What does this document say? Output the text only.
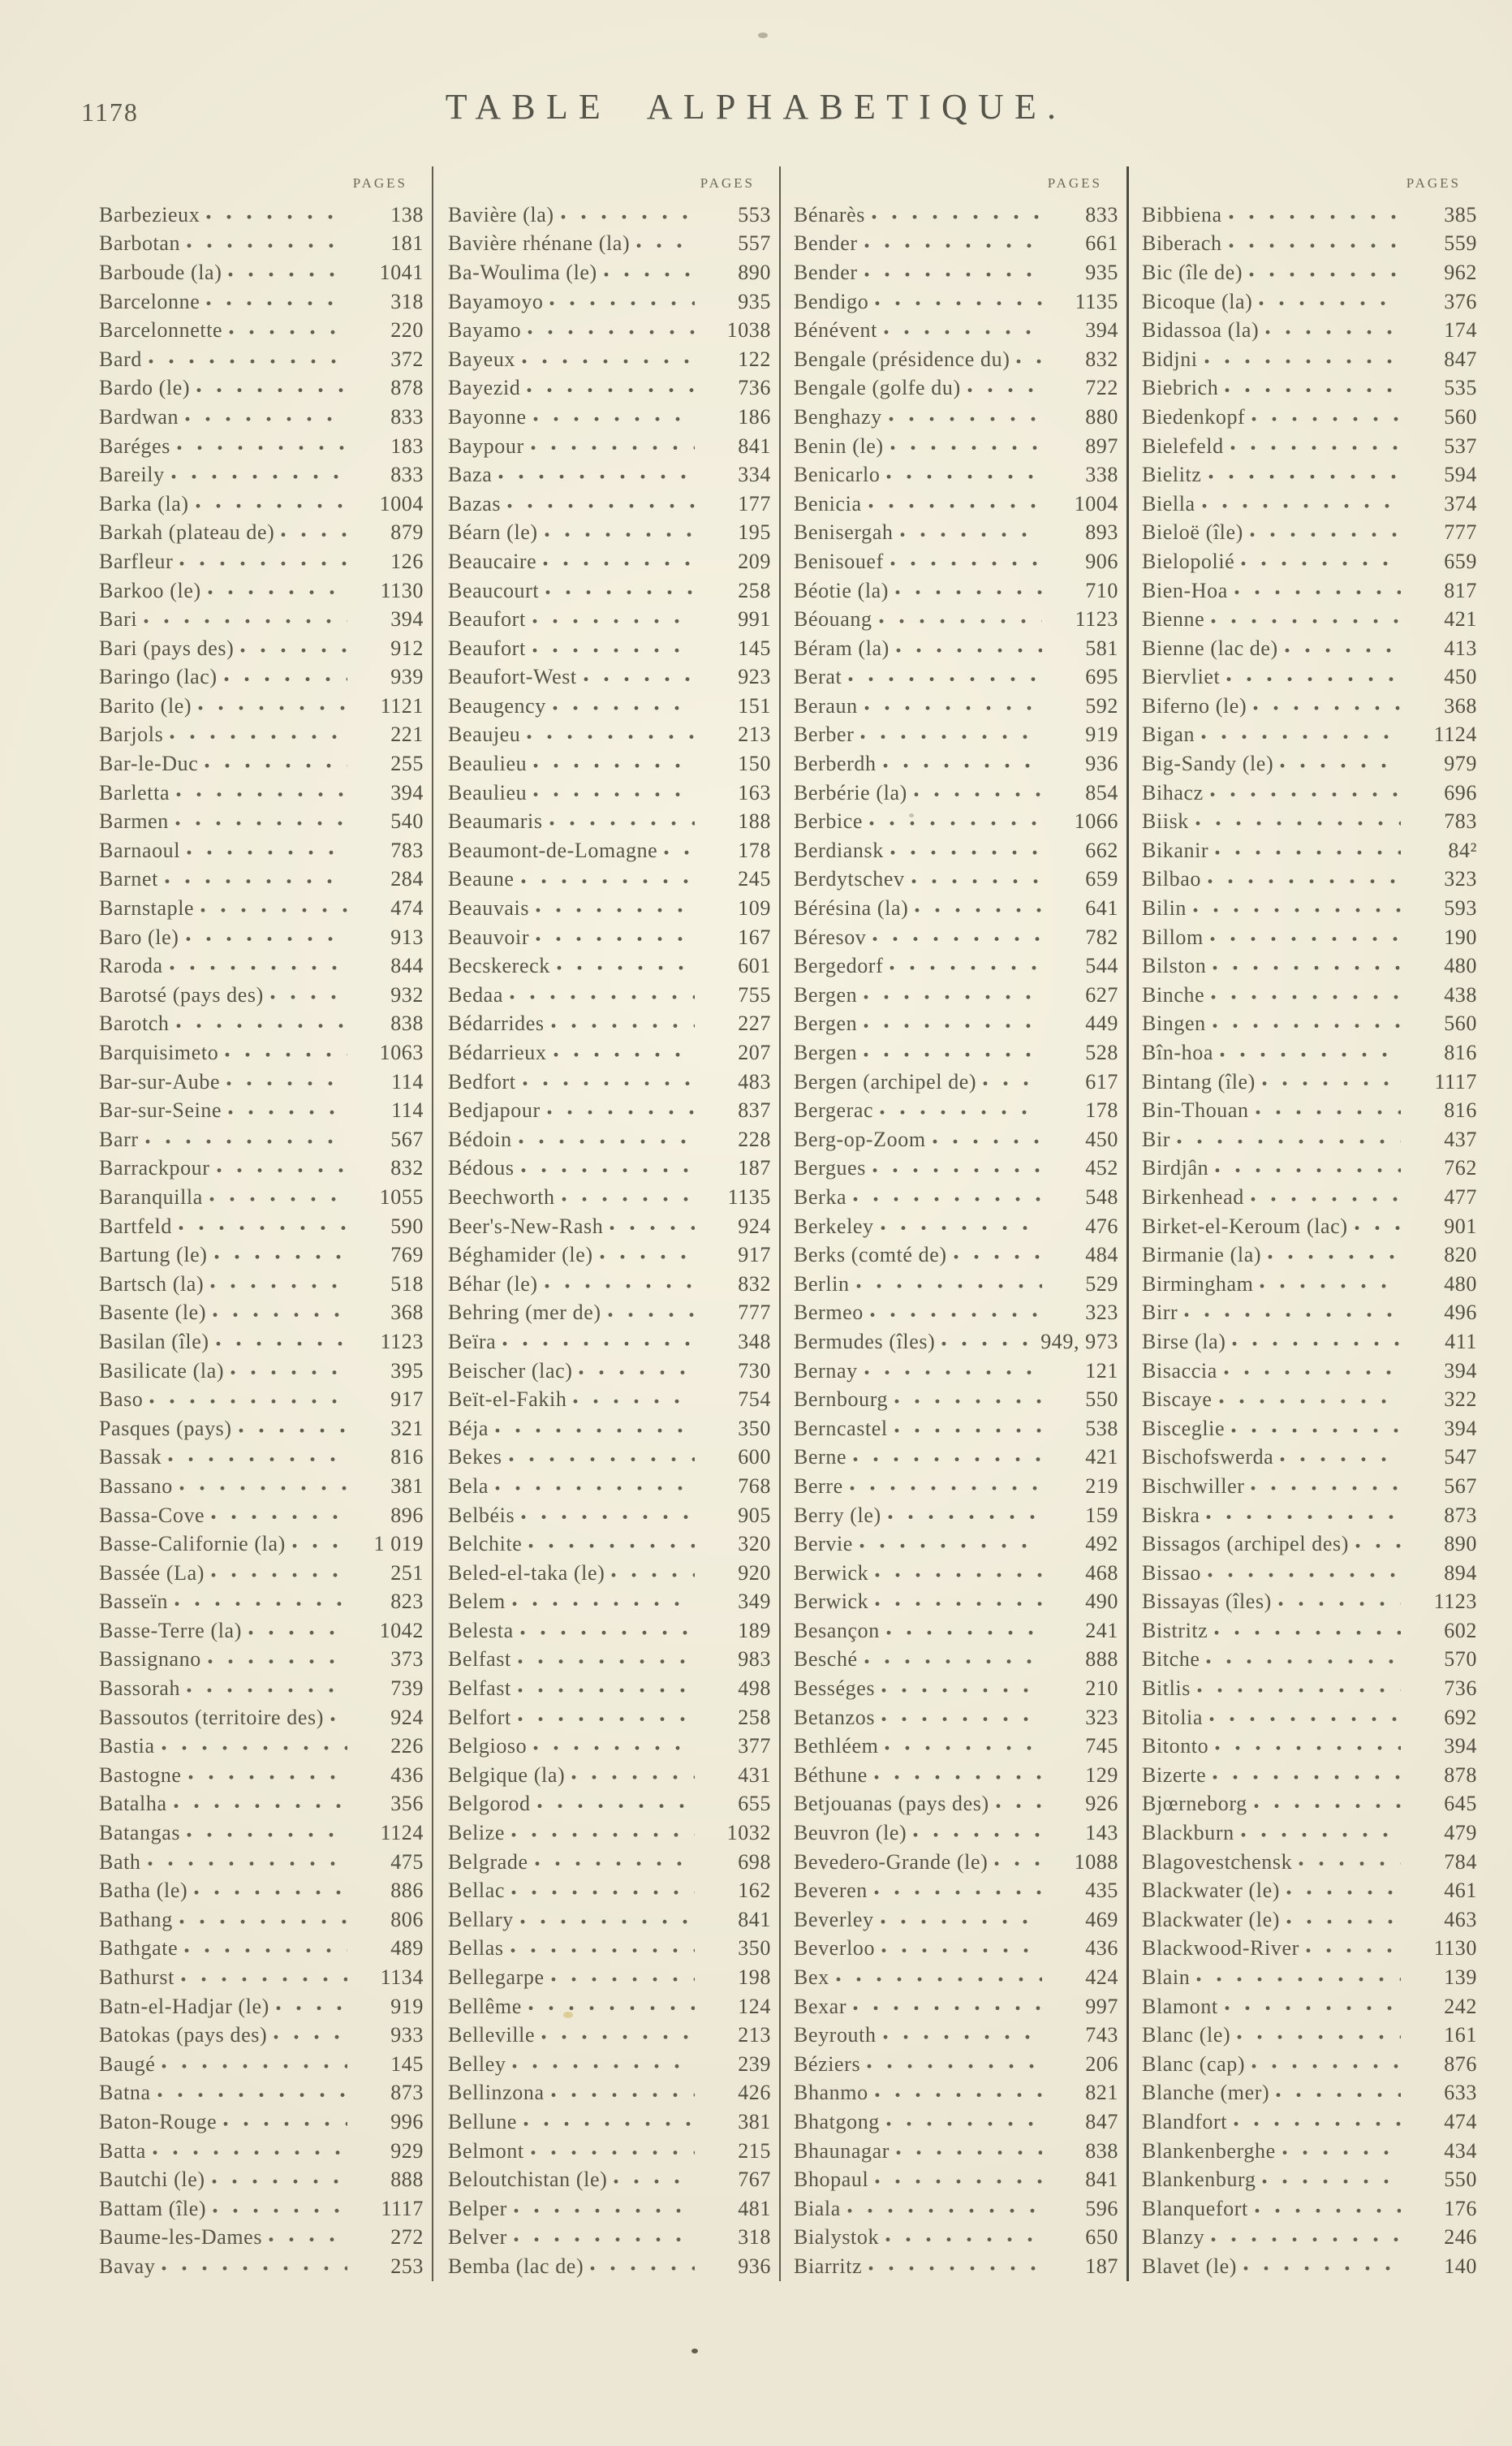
1178	TABLE ALPHABETIQUE.
PAGES
Barbezieux	138
Barbotan	181
Barboude (la)	1041
Barcelonne	318
Barcelonnette	220
Bard	372
Bardo (le)	878
Bardwan	833
Baréges	183
Bareily	833
Barka (la)	1004
Barkah (plateau de)	879
Barfleur	126
Barkoo (le)	1130
Bari	394
Bari (pays des)	912
Baringo (lac)	939
Barito (le)	1121
Barjols	221
Bar-le-Duc	255
Barletta	394
Barmen	540
Barnaoul	783
Barnet	284
Barnstaple	474
Baro (le)	913
Raroda	844
Barotsé (pays des)	932
Barotch	838
Barquisimeto	1063
Bar-sur-Aube	114
Bar-sur-Seine	114
Barr	567
Barrackpour	832
Baranquilla	1055
Bartfeld	590
Bartung (le)	769
Bartsch (la)	518
Basente (le)	368
Basilan (île)	1123
Basilicate (la)	395
Baso	917
Pasques (pays)	321
Bassak	816
Bassano	381
Bassa-Cove	896
Basse-Californie (la)	1 019
Bassée (La)	251
Basseïn	823
Basse-Terre (la)	1042
Bassignano	373
Bassorah	739
Bassoutos (territoire des)	924
Bastia	226
Bastogne	436
Batalha	356
Batangas	1124
Bath	475
Batha (le)	886
Bathang	806
Bathgate	489
Bathurst	1134
Batn-el-Hadjar (le)	919
Batokas (pays des)	933
Baugé	145
Batna	873
Baton-Rouge	996
Batta	929
Bautchi (le)	888
Battam (île)	1117
Baume-les-Dames	272
Bavay	253
PAGES
Bavière (la)	553
Bavière rhénane (la)	557
Ba-Woulima (le)	890
Bayamoyo	935
Bayamo	1038
Bayeux	122
Bayezid	736
Bayonne	186
Baypour	841
Baza	334
Bazas	177
Béarn (le)	195
Beaucaire	209
Beaucourt	258
Beaufort	991
Beaufort	145
Beaufort-West	923
Beaugency	151
Beaujeu	213
Beaulieu	150
Beaulieu	163
Beaumaris	188
Beaumont-de-Lomagne	178
Beaune	245
Beauvais	109
Beauvoir	167
Becskereck	601
Bedaa	755
Bédarrides	227
Bédarrieux	207
Bedfort	483
Bedjapour	837
Bédoin	228
Bédous	187
Beechworth	1135
Beer's-New-Rash	924
Béghamider (le)	917
Béhar (le)	832
Behring (mer de)	777
Beïra	348
Beischer (lac)	730
Beït-el-Fakih	754
Béja	350
Bekes	600
Bela	768
Belbéis	905
Belchite	320
Beled-el-taka (le)	920
Belem	349
Belesta	189
Belfast	983
Belfast	498
Belfort	258
Belgioso	377
Belgique (la)	431
Belgorod	655
Belize	1032
Belgrade	698
Bellac	162
Bellary	841
Bellas	350
Bellegarpe	198
Bellême	124
Belleville	213
Belley	239
Bellinzona	426
Bellune	381
Belmont	215
Beloutchistan (le)	767
Belper	481
Belver	318
Bemba (lac de)	936
PAGES
Bénarès	833
Bender	661
Bender	935
Bendigo	1135
Bénévent	394
Bengale (présidence du)	832
Bengale (golfe du)	722
Benghazy	880
Benin (le)	897
Benicarlo	338
Benicia	1004
Benisergah	893
Benisouef	906
Béotie (la)	710
Béouang	1123
Béram (la)	581
Berat	695
Beraun	592
Berber	919
Berberdh	936
Berbérie (la)	854
Berbice	1066
Berdiansk	662
Berdytschev	659
Bérésina (la)	641
Béresov	782
Bergedorf	544
Bergen	627
Bergen	449
Bergen	528
Bergen (archipel de)	617
Bergerac	178
Berg-op-Zoom	450
Bergues	452
Berka	548
Berkeley	476
Berks (comté de)	484
Berlin	529
Bermeo	323
Bermudes (îles)	949, 973
Bernay	121
Bernbourg	550
Berncastel	538
Berne	421
Berre	219
Berry (le)	159
Bervie	492
Berwick	468
Berwick	490
Besançon	241
Besché	888
Bességes	210
Betanzos	323
Bethléem	745
Béthune	129
Betjouanas (pays des)	926
Beuvron (le)	143
Bevedero-Grande (le)	1088
Beveren	435
Beverley	469
Beverloo	436
Bex	424
Bexar	997
Beyrouth	743
Béziers	206
Bhanmo	821
Bhatgong	847
Bhaunagar	838
Bhopaul	841
Biala	596
Bialystok	650
Biarritz	187
PAGES
Bibbiena	385
Biberach	559
Bic (île de)	962
Bicoque (la)	376
Bidassoa (la)	174
Bidjni	847
Biebrich	535
Biedenkopf	560
Bielefeld	537
Bielitz	594
Biella	374
Bieloë (île)	777
Bielopolié	659
Bien-Hoa	817
Bienne	421
Bienne (lac de)	413
Biervliet	450
Biferno (le)	368
Bigan	1124
Big-Sandy (le)	979
Bihacz	696
Biisk	783
Bikanir	84²
Bilbao	323
Bilin	593
Billom	190
Bilston	480
Binche	438
Bingen	560
Bîn-hoa	816
Bintang (île)	1117
Bin-Thouan	816
Bir	437
Birdjân	762
Birkenhead	477
Birket-el-Keroum (lac)	901
Birmanie (la)	820
Birmingham	480
Birr	496
Birse (la)	411
Bisaccia	394
Biscaye	322
Bisceglie	394
Bischofswerda	547
Bischwiller	567
Biskra	873
Bissagos (archipel des)	890
Bissao	894
Bissayas (îles)	1123
Bistritz	602
Bitche	570
Bitlis	736
Bitolia	692
Bitonto	394
Bizerte	878
Bjœrneborg	645
Blackburn	479
Blagovestchensk	784
Blackwater (le)	461
Blackwater (le)	463
Blackwood-River	1130
Blain	139
Blamont	242
Blanc (le)	161
Blanc (cap)	876
Blanche (mer)	633
Blandfort	474
Blankenberghe	434
Blankenburg	550
Blanquefort	176
Blanzy	246
Blavet (le)	140
